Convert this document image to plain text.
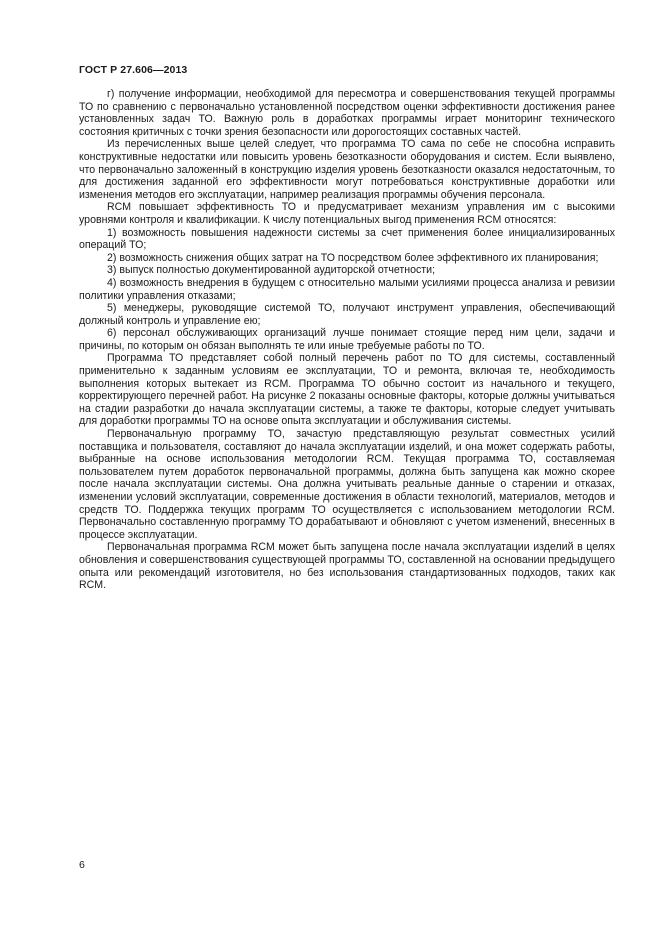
ГОСТ Р 27.606—2013

г) получение информации, необходимой для пересмотра и совершенствования текущей программы ТО по сравнению с первоначально установленной посредством оценки эффективности достижения ранее установленных задач ТО. Важную роль в доработках программы играет мониторинг технического состояния критичных с точки зрения безопасности или дорогостоящих составных частей.

Из перечисленных выше целей следует, что программа ТО сама по себе не способна исправить конструктивные недостатки или повысить уровень безотказности оборудования и систем. Если выявлено, что первоначально заложенный в конструкцию изделия уровень безотказности оказался недостаточным, то для достижения заданной его эффективности могут потребоваться конструктивные доработки или изменения методов его эксплуатации, например реализация программы обучения персонала.

RCM повышает эффективность ТО и предусматривает механизм управления им с высокими уровнями контроля и квалификации. К числу потенциальных выгод применения RCM относятся:

1) возможность повышения надежности системы за счет применения более инициализированных операций ТО;

2) возможность снижения общих затрат на ТО посредством более эффективного их планирования;

3) выпуск полностью документированной аудиторской отчетности;

4) возможность внедрения в будущем с относительно малыми усилиями процесса анализа и ревизии политики управления отказами;

5) менеджеры, руководящие системой ТО, получают инструмент управления, обеспечивающий должный контроль и управление ею;

6) персонал обслуживающих организаций лучше понимает стоящие перед ним цели, задачи и причины, по которым он обязан выполнять те или иные требуемые работы по ТО.

Программа ТО представляет собой полный перечень работ по ТО для системы, составленный применительно к заданным условиям ее эксплуатации, ТО и ремонта, включая те, необходимость выполнения которых вытекает из RCM. Программа ТО обычно состоит из начального и текущего, корректирующего перечней работ. На рисунке 2 показаны основные факторы, которые должны учитываться на стадии разработки до начала эксплуатации системы, а также те факторы, которые следует учитывать для доработки программы ТО на основе опыта эксплуатации и обслуживания системы.

Первоначальную программу ТО, зачастую представляющую результат совместных усилий поставщика и пользователя, составляют до начала эксплуатации изделий, и она может содержать работы, выбранные на основе использования методологии RCM. Текущая программа ТО, составляемая пользователем путем доработок первоначальной программы, должна быть запущена как можно скорее после начала эксплуатации системы. Она должна учитывать реальные данные о старении и отказах, изменении условий эксплуатации, современные достижения в области технологий, материалов, методов и средств ТО. Поддержка текущих программ ТО осуществляется с использованием методологии RCM. Первоначально составленную программу ТО дорабатывают и обновляют с учетом изменений, внесенных в процессе эксплуатации.

Первоначальная программа RCM может быть запущена после начала эксплуатации изделий в целях обновления и совершенствования существующей программы ТО, составленной на основании предыдущего опыта или рекомендаций изготовителя, но без использования стандартизованных подходов, таких как RCM.

6
